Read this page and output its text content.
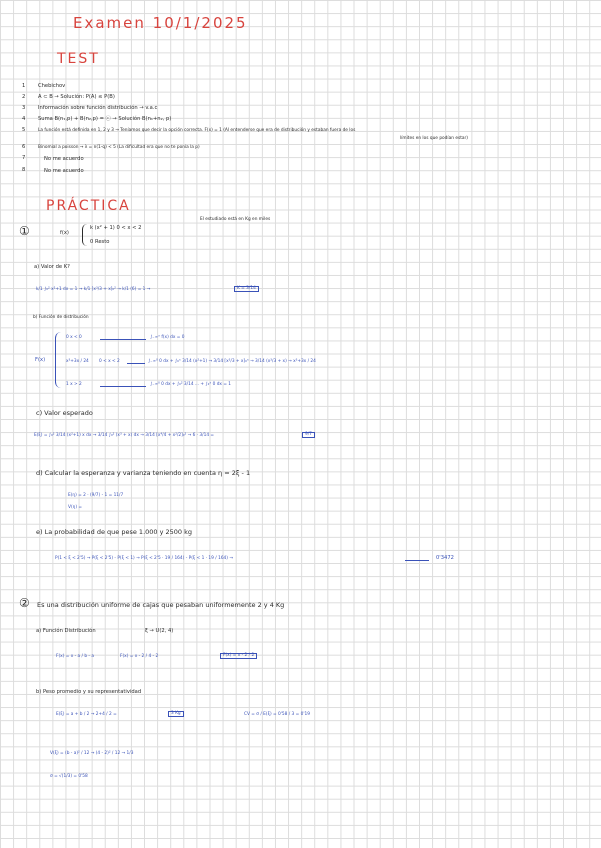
Examen 10/1/2025
TEST
1 Chebichov
2 A ⊂ B → Solución: P(A) ≤ P(B)
3 Información sobre función distribución → v.a.c
4 Suma B(n₁,p) + B(n₂,p) = ⓒ → Solución B(n₁+n₂, p)
5	La función está definida en 1, 2 y 3 → Teníamos que decir la opción correcta. F(x) = 1 (Al entenderse que era de distribución y estaban fuera de los
límites en los que podían estar)
6	Binomial a poisson → λ = n(1-q) < 5 (La dificultad era que no te ponía la p)
7	No me acuerdo
8	No me acuerdo
PRÁCTICA
①	f(x)
k (x² + 1) 0 < x < 2
0 Resto
El estudiado está en Kg en miles
a) Valor de K?
k/1 ∫₀² x²+1 dx = 1 → k/1 [x³/3 + x]₀² → k/1 (6) = 1 →	K = 3/14
b) Función de distribución
F(x)
0 x < 0	∫₋∞ˣ f(x) dx = 0
x³+3x / 24 0 < x < 2	∫₋∞⁰ 0 dx + ∫₀ˣ 3/14 (x²+1) → 3/14 [x³/3 + x]₀ˣ → 3/14 (x³/3 + x) → x³+3x / 24
1 x > 2	∫₋∞⁰ 0 dx + ∫₀² 3/14 ... + ∫₂ˣ 0 dx = 1
c) Valor esperado
E(ξ) = ∫₀² 3/14 (x²+1) x dx → 3/14 ∫₀² (x³ + x) dx → 3/14 [x⁴/4 + x²/2]₀² → 6 · 3/14 =	9/7
d) Calcular la esperanza y varianza teniendo en cuenta η = 2ξ - 1
E(η) = 2 · (9/7) - 1 = 11/7
V(η) =
e) La probabilidad de que pese 1.000 y 2500 kg
P(1 < ξ < 2'5) → P(ξ < 2'5) - P(ξ < 1) → P(ξ < 2'5 · 19 / 164) - P(ξ < 1 · 19 / 164) →	0'3472
② Es una distribución uniforme de cajas que pesaban uniformemente 2 y 4 Kg
a) Función Distribución	ξ → U(2, 4)
F(x) = x - a / b - a	F(x) = x - 2 / 4 - 2	F(x) = x - 2 / 2
b) Peso promedio y su representatividad
E(ξ) = a + b / 2 → 2+4 / 2 =	3 Kg	CV = σ / E(ξ) = 0'58 / 3 = 0'19
V(ξ) = (b - a)² / 12 → (4 - 2)² / 12 → 1/3
σ = √(1/3) = 0'58
